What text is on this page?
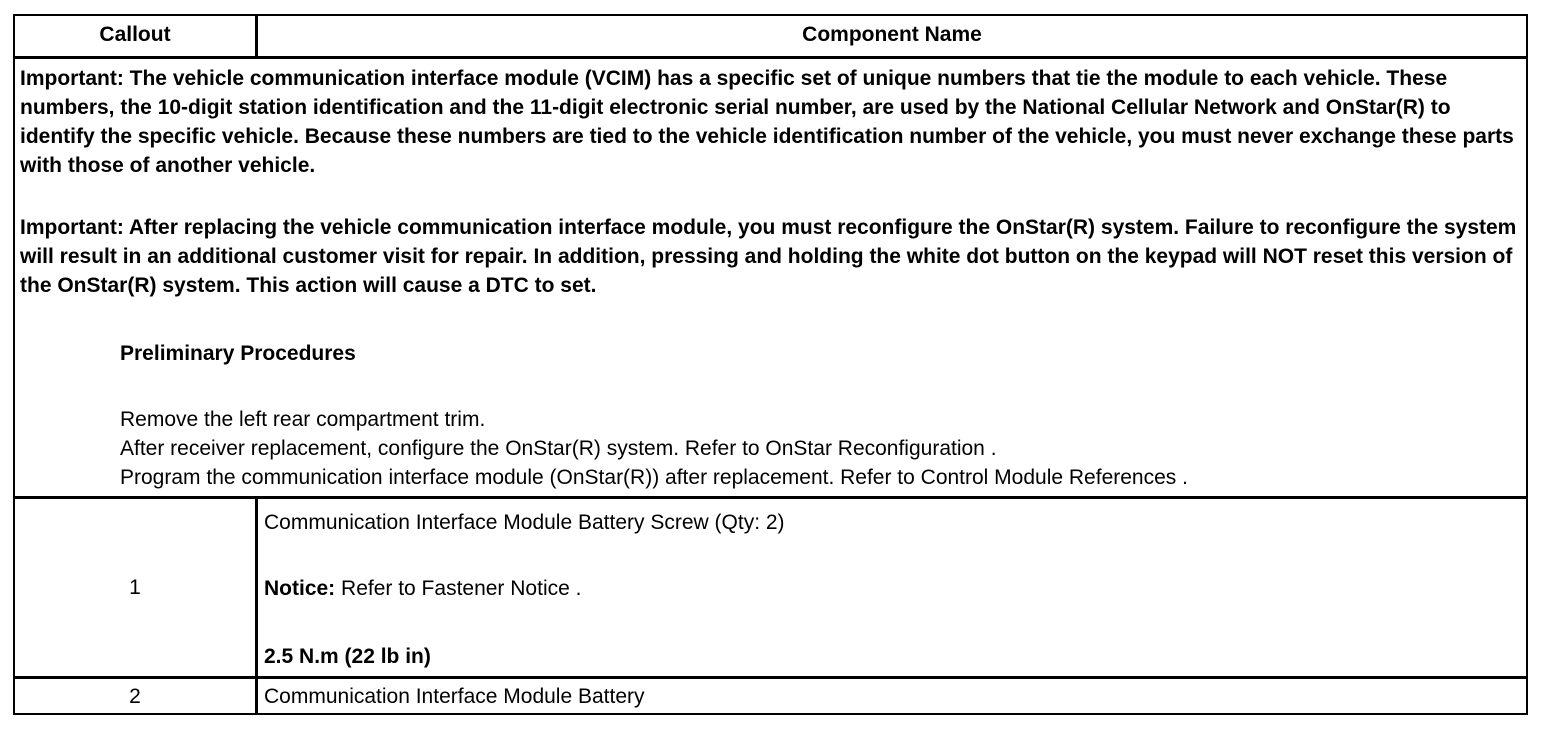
Callout	Component Name
Important: The vehicle communication interface module (VCIM) has a specific set of unique numbers that tie the module to each vehicle. These numbers, the 10-digit station identification and the 11-digit electronic serial number, are used by the National Cellular Network and OnStar(R) to identify the specific vehicle. Because these numbers are tied to the vehicle identification number of the vehicle, you must never exchange these parts with those of another vehicle.
Important: After replacing the vehicle communication interface module, you must reconfigure the OnStar(R) system. Failure to reconfigure the system will result in an additional customer visit for repair. In addition, pressing and holding the white dot button on the keypad will NOT reset this version of the OnStar(R) system. This action will cause a DTC to set.
Preliminary Procedures
Remove the left rear compartment trim.
After receiver replacement, configure the OnStar(R) system. Refer to OnStar Reconfiguration .
Program the communication interface module (OnStar(R)) after replacement. Refer to Control Module References .
1
Communication Interface Module Battery Screw (Qty: 2)
Notice: Refer to Fastener Notice .
2.5 N.m (22 lb in)
2	Communication Interface Module Battery
